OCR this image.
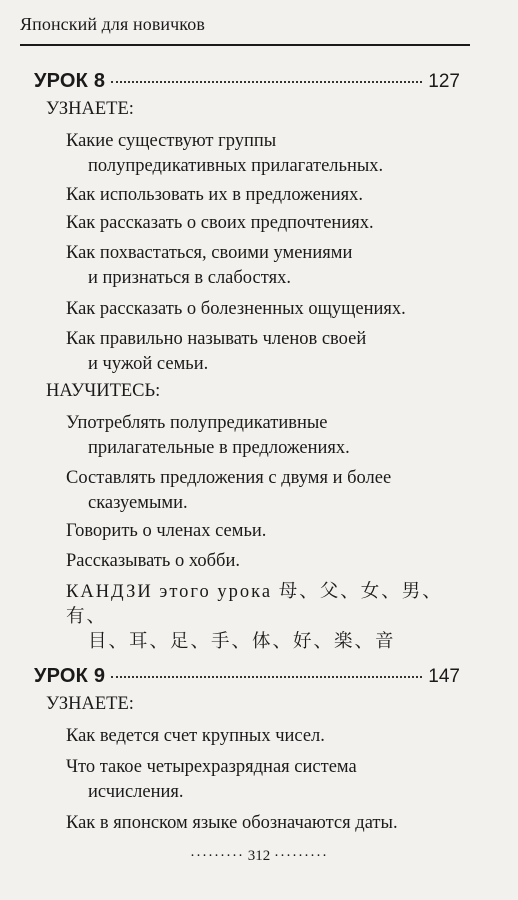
Японский для новичков
УРОК 8	127
УЗНАЕТЕ:
Какие существуют группы
полупредикативных прилагательных.
Как использовать их в предложениях.
Как рассказать о своих предпочтениях.
Как похвастаться, своими умениями
и признаться в слабостях.
Как рассказать о болезненных ощущениях.
Как правильно называть членов своей
и чужой семьи.
НАУЧИТЕСЬ:
Употреблять полупредикативные
прилагательные в предложениях.
Составлять предложения с двумя и более
сказуемыми.
Говорить о членах семьи.
Рассказывать о хобби.
КАНДЗИ этого урока 母、父、女、男、有、
目、耳、足、手、体、好、楽、音
УРОК 9	147
УЗНАЕТЕ:
Как ведется счет крупных чисел.
Что такое четырехразрядная система
исчисления.
Как в японском языке обозначаются даты.
········· 312 ·········
